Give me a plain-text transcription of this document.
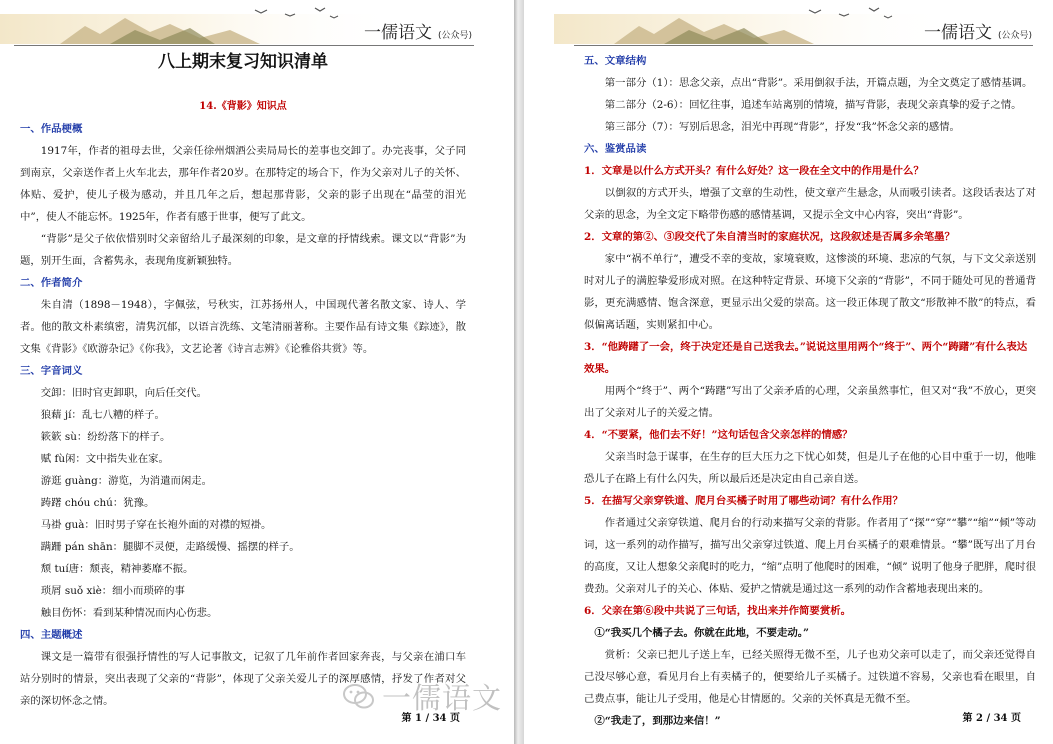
一儒语文 (公众号)
八上期末复习知识清单
14.《背影》知识点
一、作品梗概

1917年，作者的祖母去世，父亲任徐州烟酒公卖局局长的差事也交卸了。办完丧事，父子同到南京，父亲送作者上火车北去，那年作者20岁。在那特定的场合下，作为父亲对儿子的关怀、体贴、爱护，使儿子极为感动，并且几年之后，想起那背影，父亲的影子出现在“晶莹的泪光中”，使人不能忘怀。1925年，作者有感于世事，便写了此文。

“背影”是父子依依惜别时父亲留给儿子最深刻的印象，是文章的抒情线索。课文以“背影”为题，别开生面，含蓄隽永，表现角度新颖独特。

二、作者简介

朱自清（1898－1948），字佩弦，号秋实，江苏扬州人，中国现代著名散文家、诗人、学者。他的散文朴素缜密，清隽沉郁，以语言洗练、文笔清丽著称。主要作品有诗文集《踪迹》，散文集《背影》《欧游杂记》《你我》，文艺论著《诗言志辨》《论雅俗共赏》等。

三、字音词义

交卸：旧时官吏卸职，向后任交代。

狼藉 jí：乱七八糟的样子。

簌簌 sù：纷纷落下的样子。

赋 fù闲：文中指失业在家。

游逛 guàng：游览，为消遣而闲走。

踌躇 chóu chú：犹豫。

马褂 guà：旧时男子穿在长袍外面的对襟的短褂。

蹒跚 pán shān：腿脚不灵便，走路缓慢、摇摆的样子。

颓 tuí唐：颓丧，精神萎靡不振。

琐屑 suǒ xiè：细小而琐碎的事

触目伤怀：看到某种情况而内心伤悲。

四、主题概述

课文是一篇带有很强抒情性的写人记事散文，记叙了几年前作者回家奔丧，与父亲在浦口车站分别时的情景，突出表现了父亲的“背影”，体现了父亲关爱儿子的深厚感情，抒发了作者对父亲的深切怀念之情。

第 1 / 34 页
一儒语文 (公众号)
五、文章结构

第一部分（1）：思念父亲，点出“背影”。采用倒叙手法，开篇点题，为全文奠定了感情基调。

第二部分（2-6）：回忆往事，追述车站离别的情境，描写背影，表现父亲真挚的爱子之情。

第三部分（7）：写别后思念，泪光中再现“背影”，抒发“我”怀念父亲的感情。

六、鉴赏品读
1．文章是以什么方式开头？有什么好处？这一段在全文中的作用是什么？

以倒叙的方式开头，增强了文章的生动性，使文章产生悬念，从而吸引读者。这段话表达了对父亲的思念，为全文定下略带伤感的感情基调，又提示全文中心内容，突出“背影”。

2．文章的第②、③段交代了朱自清当时的家庭状况，这段叙述是否属多余笔墨？

家中“祸不单行”，遭受不幸的变故，家境衰败，这惨淡的环境、悲凉的气氛，与下文父亲送别时对儿子的满腔挚爱形成对照。在这种特定背景、环境下父亲的“背影”，不同于随处可见的普通背影，更充满感情、饱含深意，更显示出父爱的崇高。这一段正体现了散文“形散神不散”的特点，看似偏离话题，实则紧扣中心。

3．“他踌躇了一会，终于决定还是自己送我去。”说说这里用两个“终于”、两个“踌躇”有什么表达效果。

用两个“终于”、两个“踌躇”写出了父亲矛盾的心理，父亲虽然事忙，但又对“我”不放心，更突出了父亲对儿子的关爱之情。

4．“不要紧，他们去不好！”这句话包含父亲怎样的情感？

父亲当时急于谋事，在生存的巨大压力之下忧心如焚，但是儿子在他的心目中重于一切，他唯恐儿子在路上有什么闪失，所以最后还是决定由自己亲自送。

5．在描写父亲穿铁道、爬月台买橘子时用了哪些动词？有什么作用？

作者通过父亲穿铁道、爬月台的行动来描写父亲的背影。作者用了“探”“穿”“攀”“缩”“倾”等动词，这一系列的动作描写，描写出父亲穿过铁道、爬上月台买橘子的艰难情景。“攀”既写出了月台的高度，又让人想象父亲爬时的吃力，“缩”点明了他爬时的困难，“倾” 说明了他身子肥胖，爬时很费劲。父亲对儿子的关心、体贴、爱护之情就是通过这一系列的动作含蓄地表现出来的。

6．父亲在第⑥段中共说了三句话，找出来并作简要赏析。

①“我买几个橘子去。你就在此地，不要走动。”

赏析：父亲已把儿子送上车，已经关照得无微不至，儿子也劝父亲可以走了，而父亲还觉得自己没尽够心意，看见月台上有卖橘子的，便要给儿子买橘子。过铁道不容易，父亲也看在眼里，自己费点事，能让儿子受用，他是心甘情愿的。父亲的关怀真是无微不至。

②“我走了，到那边来信！”	第 2 / 34 页
一儒语文
